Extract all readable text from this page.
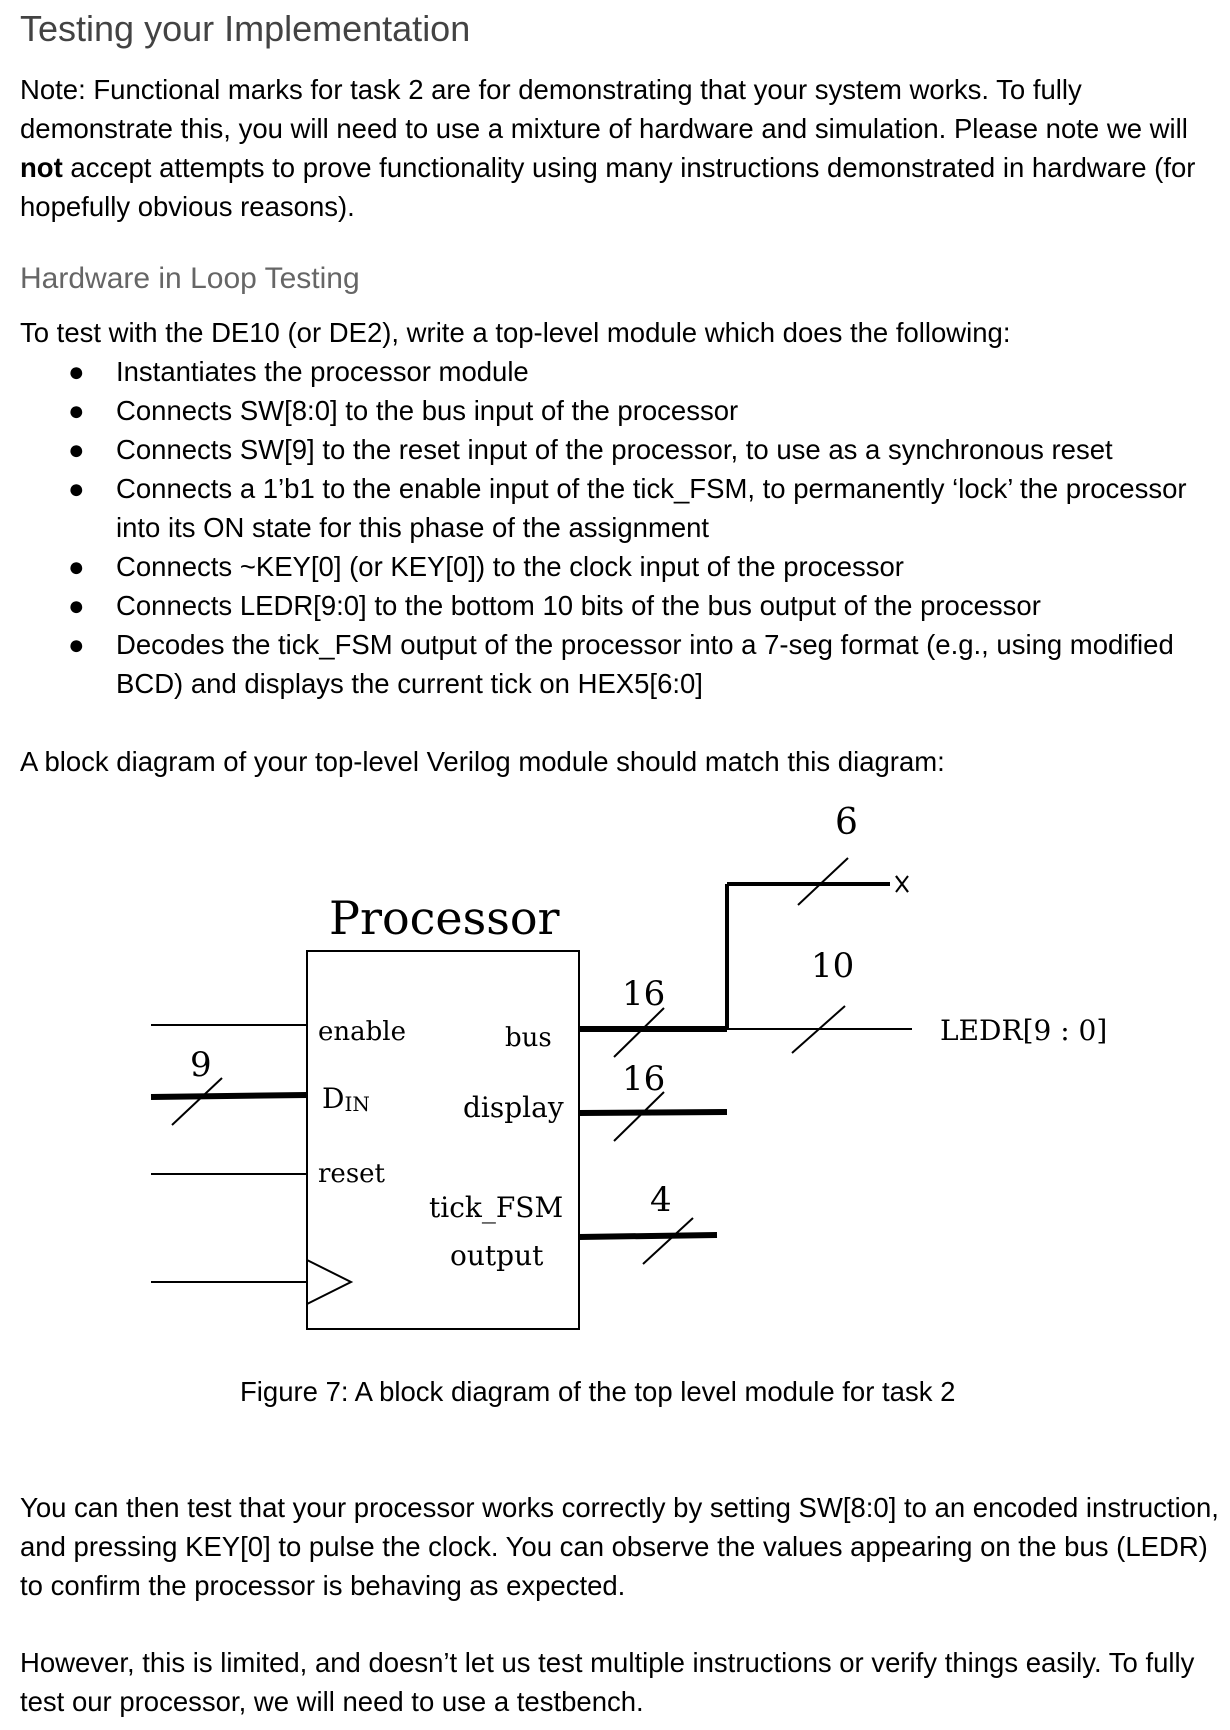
Testing your Implementation

Note: Functional marks for task 2 are for demonstrating that your system works. To fully demonstrate this, you will need to use a mixture of hardware and simulation. Please note we will not accept attempts to prove functionality using many instructions demonstrated in hardware (for hopefully obvious reasons).

Hardware in Loop Testing

To test with the DE10 (or DE2), write a top-level module which does the following:

● Instantiates the processor module
● Connects SW[8:0] to the bus input of the processor
● Connects SW[9] to the reset input of the processor, to use as a synchronous reset
● Connects a 1’b1 to the enable input of the tick_FSM, to permanently ‘lock’ the processor into its ON state for this phase of the assignment
● Connects ~KEY[0] (or KEY[0]) to the clock input of the processor
● Connects LEDR[9:0] to the bottom 10 bits of the bus output of the processor
● Decodes the tick_FSM output of the processor into a 7-seg format (e.g., using modified BCD) and displays the current tick on HEX5[6:0]

A block diagram of your top-level Verilog module should match this diagram:

Processor
9
enable
DIN
reset
bus
display
tick_FSM
output
16
6
10
LEDR[9 : 0]
16
4

Figure 7: A block diagram of the top level module for task 2

You can then test that your processor works correctly by setting SW[8:0] to an encoded instruction, and pressing KEY[0] to pulse the clock. You can observe the values appearing on the bus (LEDR) to confirm the processor is behaving as expected.

However, this is limited, and doesn’t let us test multiple instructions or verify things easily. To fully test our processor, we will need to use a testbench.
